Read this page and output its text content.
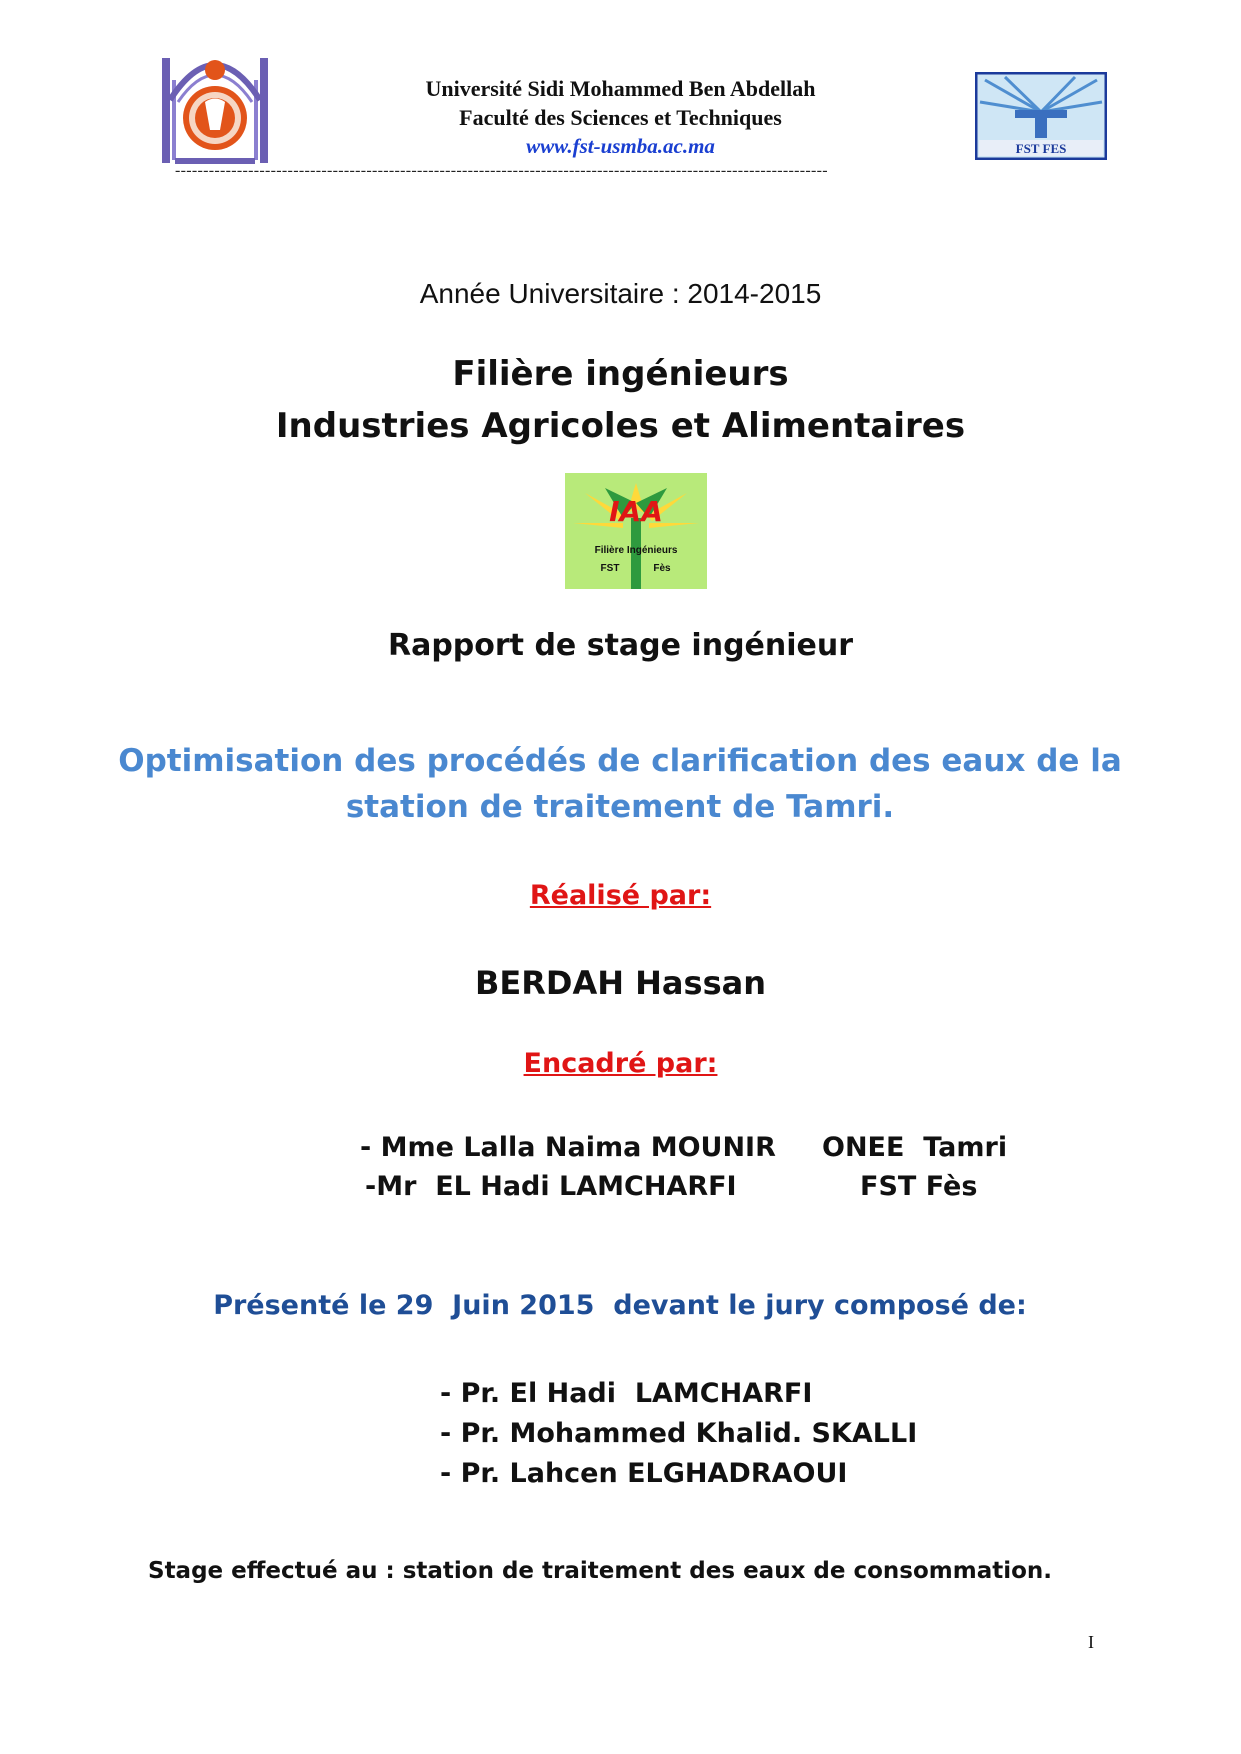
Université Sidi Mohammed Ben Abdellah
Faculté des Sciences et Techniques
www.fst-usmba.ac.ma	FST FES
--------------------------------------------------------------------------------------------------------------------
Année Universitaire : 2014-2015
Filière ingénieurs
Industries Agricoles et Alimentaires
IAA
Filière Ingénieurs
FST	Fès
Rapport de stage ingénieur
Optimisation des procédés de clarification des eaux de la station de traitement de Tamri.
Réalisé par:
BERDAH Hassan
Encadré par:
- Mme Lalla Naima MOUNIR ONEE  Tamri
-Mr  EL Hadi LAMCHARFI	FST Fès
Présenté le 29  Juin 2015  devant le jury composé de:
- Pr. El Hadi  LAMCHARFI
- Pr. Mohammed Khalid. SKALLI
- Pr. Lahcen ELGHADRAOUI
Stage effectué au : station de traitement des eaux de consommation.
I
